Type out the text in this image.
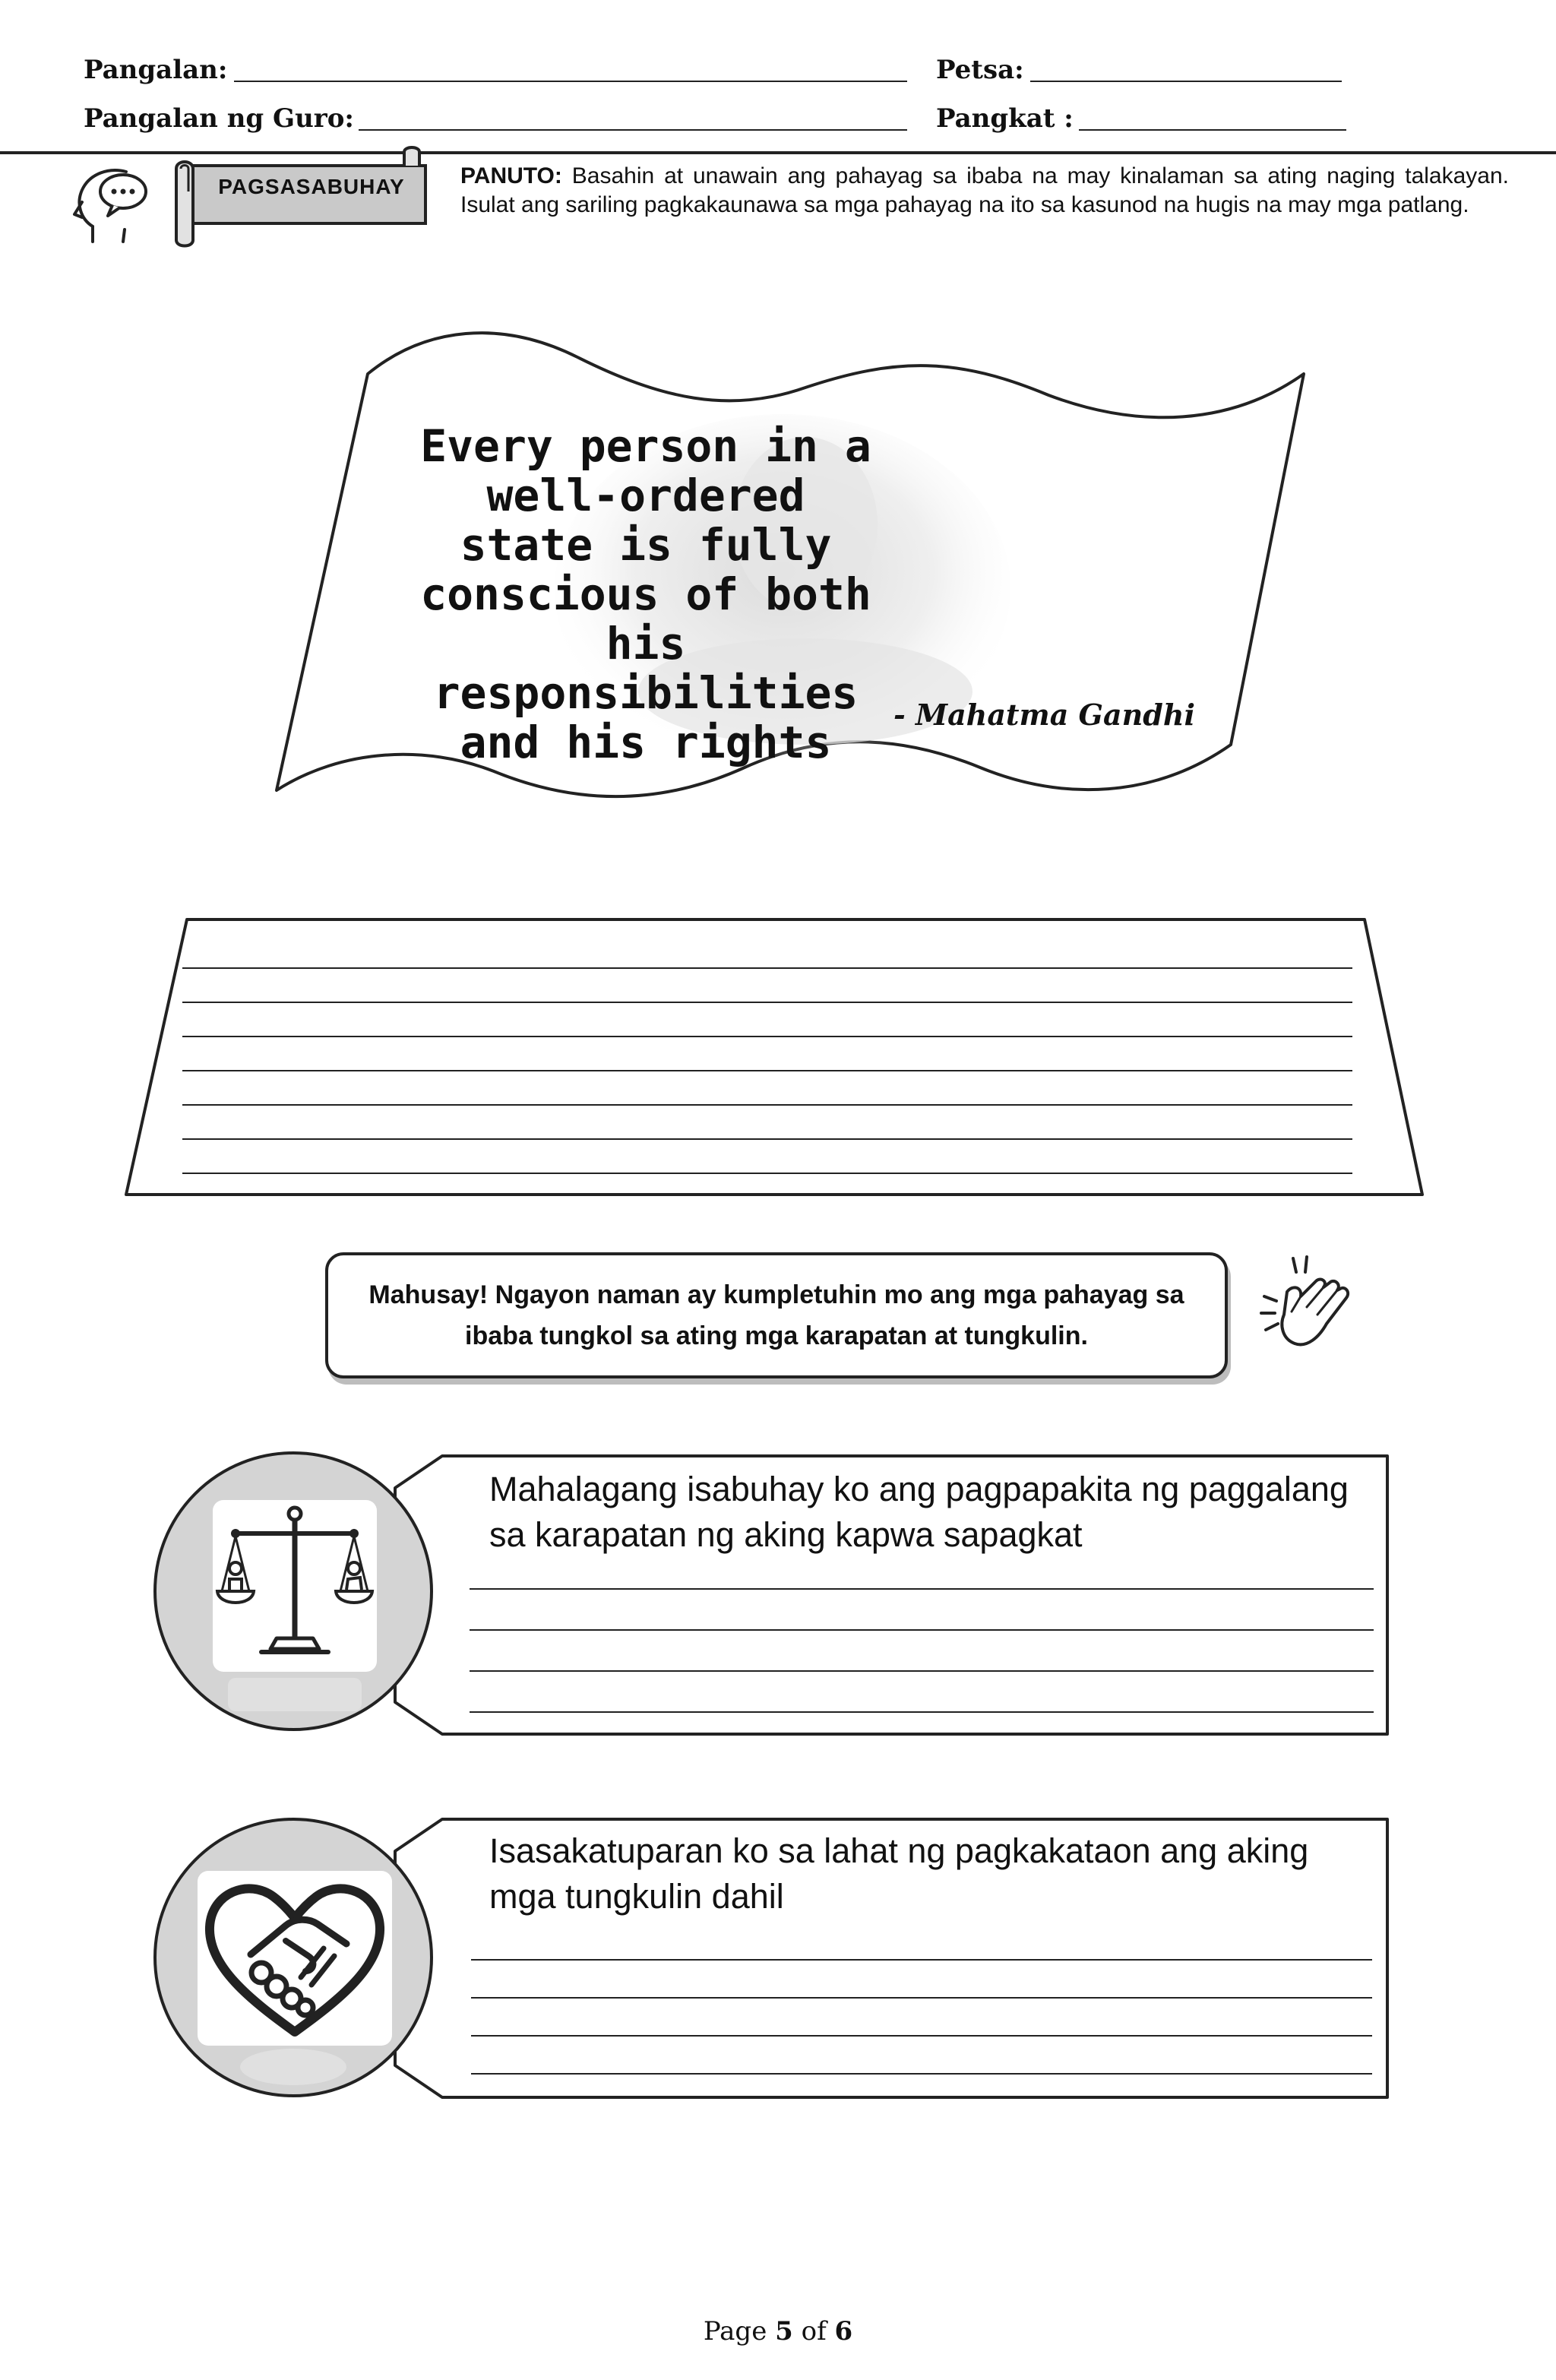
Pangalan:	Petsa:
Pangalan ng Guro:	Pangkat :
PAGSASABUHAY	PANUTO: Basahin at unawain ang pahayag sa ibaba na may kinalaman sa ating naging talakayan. Isulat ang sariling pagkakaunawa sa mga pahayag na ito sa kasunod na hugis na may mga patlang.
Every person in a well-ordered state is fully conscious of both his responsibilities and his rights
- Mahatma Gandhi
Mahusay! Ngayon naman ay kumpletuhin mo ang mga pahayag sa ibaba tungkol sa ating mga karapatan at tungkulin.
Mahalagang isabuhay ko ang pagpapakita ng paggalang sa karapatan ng aking kapwa sapagkat
Isasakatuparan ko sa lahat ng pagkakataon ang aking mga tungkulin dahil
Page 5 of 6
